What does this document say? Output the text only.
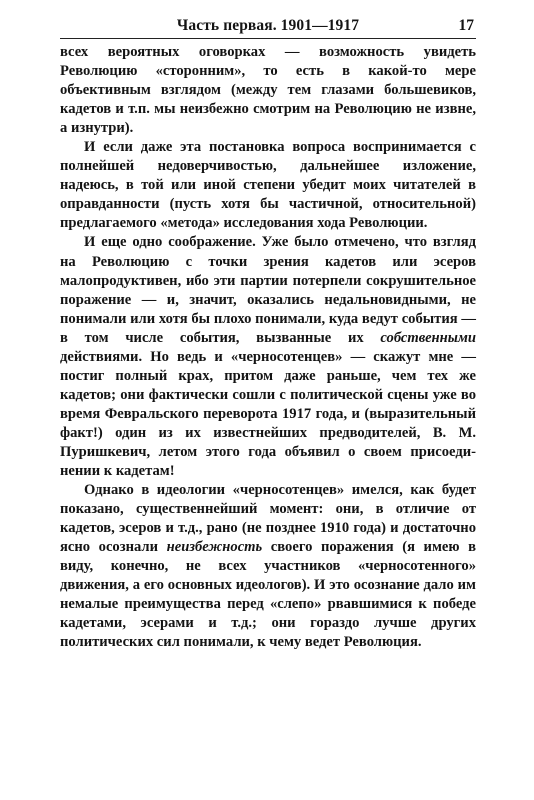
Часть первая. 1901—1917	17

всех вероятных оговорках — возможность увидеть Революцию «сторонним», то есть в какой-то мере объективным взглядом (между тем глазами большевиков, кадетов и т.п. мы неизбежно смотрим на Революцию не извне, а изнутри).

И если даже эта постановка вопроса воспринимается с полнейшей недоверчивостью, дальнейшее изложение, надеюсь, в той или иной степени убедит моих читателей в оправданности (пусть хотя бы частичной, относительной) предлагаемого «метода» исследования хода Революции.

И еще одно соображение. Уже было отмечено, что взгляд на Революцию с точки зрения кадетов или эсеров малопродуктивен, ибо эти партии потерпели сокрушительное поражение — и, значит, оказались недальновидными, не понимали или хотя бы плохо понимали, куда ведут события — в том числе события, вызванные их собственными действиями. Но ведь и «черносотенцев» — скажут мне — постиг полный крах, притом даже раньше, чем тех же кадетов; они фактически сошли с политической сцены уже во время Февральского переворота 1917 года, и (выразительный факт!) один из их известнейших предводителей, В. М. Пуришкевич, летом этого года объявил о своем присоединении к кадетам!

Однако в идеологии «черносотенцев» имелся, как будет показано, существеннейший момент: они, в отличие от кадетов, эсеров и т.д., рано (не позднее 1910 года) и достаточно ясно осознали неизбежность своего поражения (я имею в виду, конечно, не всех участников «черносотенного» движения, а его основных идеологов). И это осознание дало им немалые преимущества перед «слепо» рвавшимися к победе кадетами, эсерами и т.д.; они гораздо лучше других политических сил понимали, к чему ведет Революция.
